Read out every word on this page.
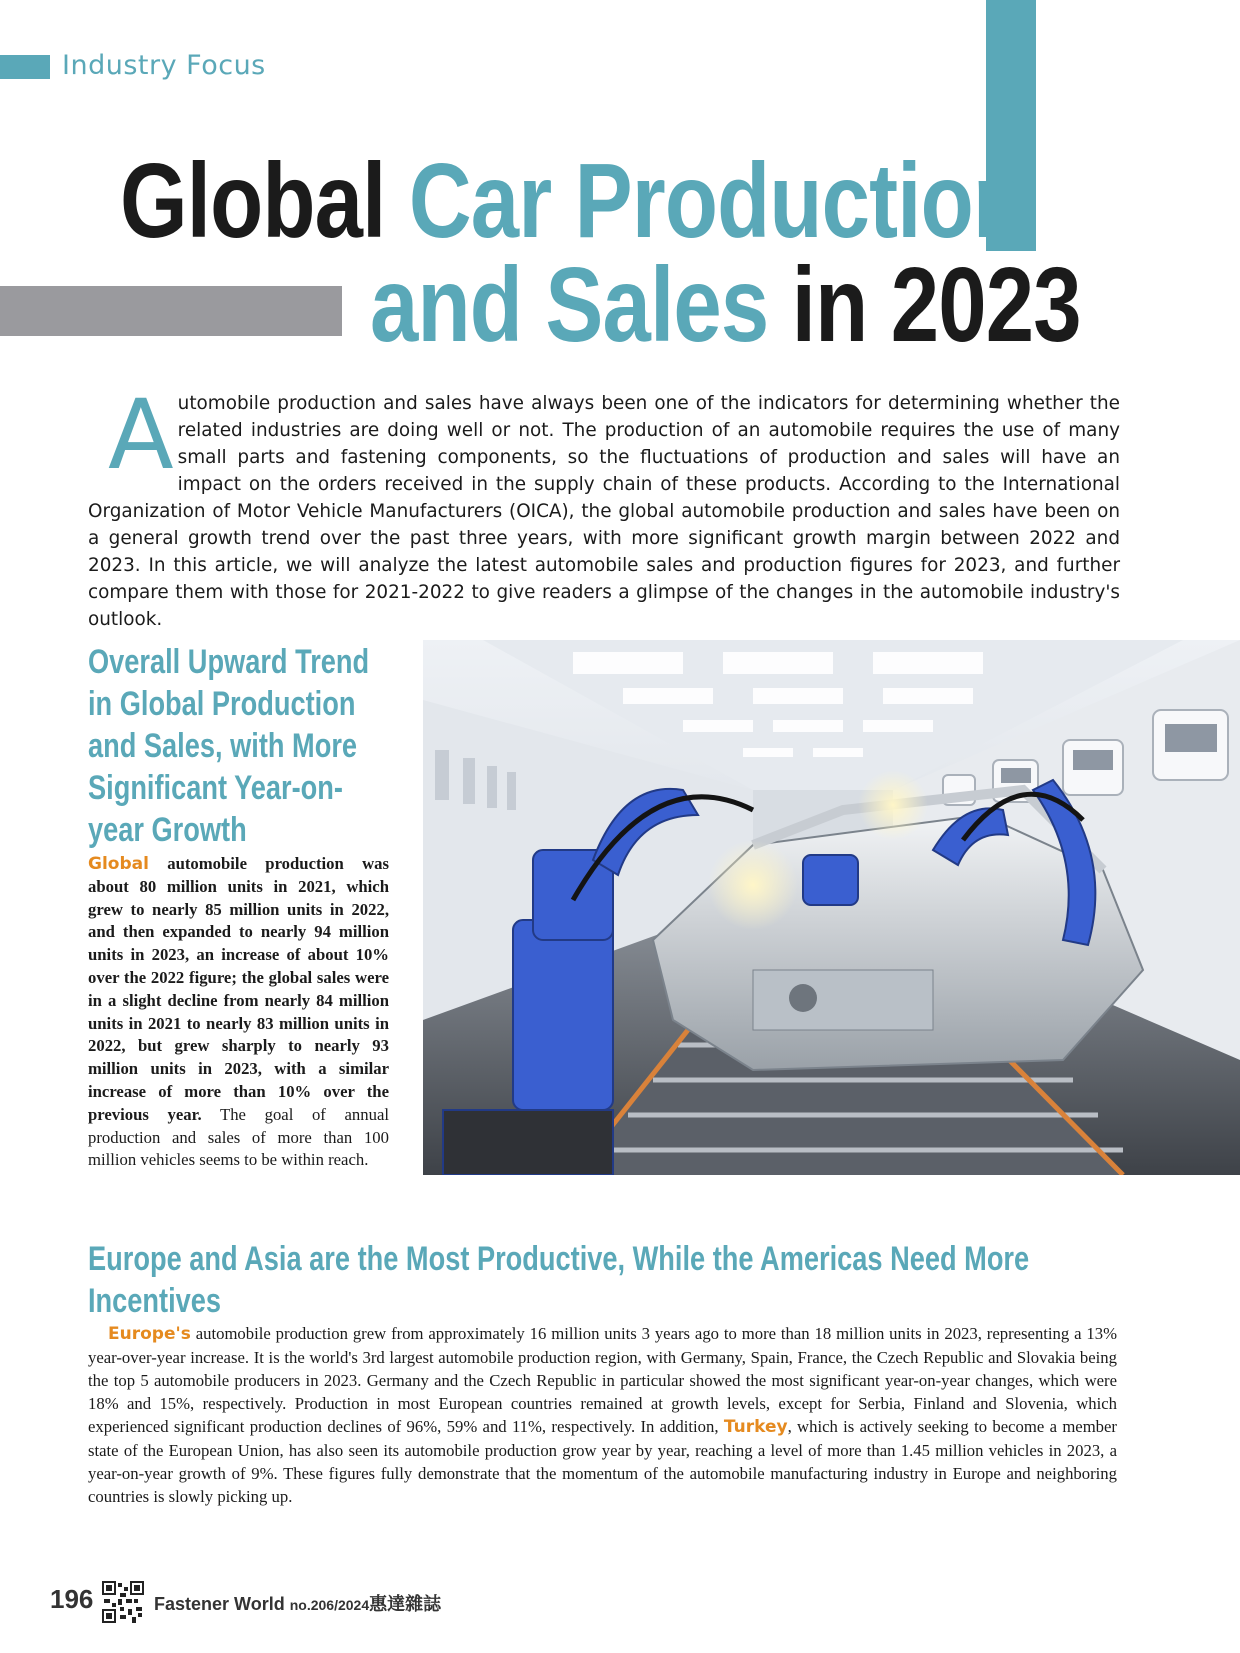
Industry Focus
Global Car Production
and Sales in 2023

Automobile production and sales have always been one of the indicators for determining whether the related industries are doing well or not. The production of an automobile requires the use of many small parts and fastening components, so the fluctuations of production and sales will have an impact on the orders received in the supply chain of these products. According to the International Organization of Motor Vehicle Manufacturers (OICA), the global automobile production and sales have been on a general growth trend over the past three years, with more significant growth margin between 2022 and 2023. In this article, we will analyze the latest automobile sales and production figures for 2023, and further compare them with those for 2021-2022 to give readers a glimpse of the changes in the automobile industry's outlook.

Overall Upward Trend
in Global Production
and Sales, with More
Significant Year-on-
year Growth

Global automobile production was about 80 million units in 2021, which grew to nearly 85 million units in 2022, and then expanded to nearly 94 million units in 2023, an increase of about 10% over the 2022 figure; the global sales were in a slight decline from nearly 84 million units in 2021 to nearly 83 million units in 2022, but grew sharply to nearly 93 million units in 2023, with a similar increase of more than 10% over the previous year. The goal of annual production and sales of more than 100 million vehicles seems to be within reach.

Europe and Asia are the Most Productive, While the Americas Need More
Incentives

  Europe's automobile production grew from approximately 16 million units 3 years ago to more than 18 million units in 2023, representing a 13% year-over-year increase. It is the world's 3rd largest automobile production region, with Germany, Spain, France, the Czech Republic and Slovakia being the top 5 automobile producers in 2023. Germany and the Czech Republic in particular showed the most significant year-on-year changes, which were 18% and 15%, respectively. Production in most European countries remained at growth levels, except for Serbia, Finland and Slovenia, which experienced significant production declines of 96%, 59% and 11%, respectively. In addition, Turkey, which is actively seeking to become a member state of the European Union, has also seen its automobile production grow year by year, reaching a level of more than 1.45 million vehicles in 2023, a year-on-year growth of 9%. These figures fully demonstrate that the momentum of the automobile manufacturing industry in Europe and neighboring countries is slowly picking up.

196	Fastener World no.206/2024惠達雜誌
